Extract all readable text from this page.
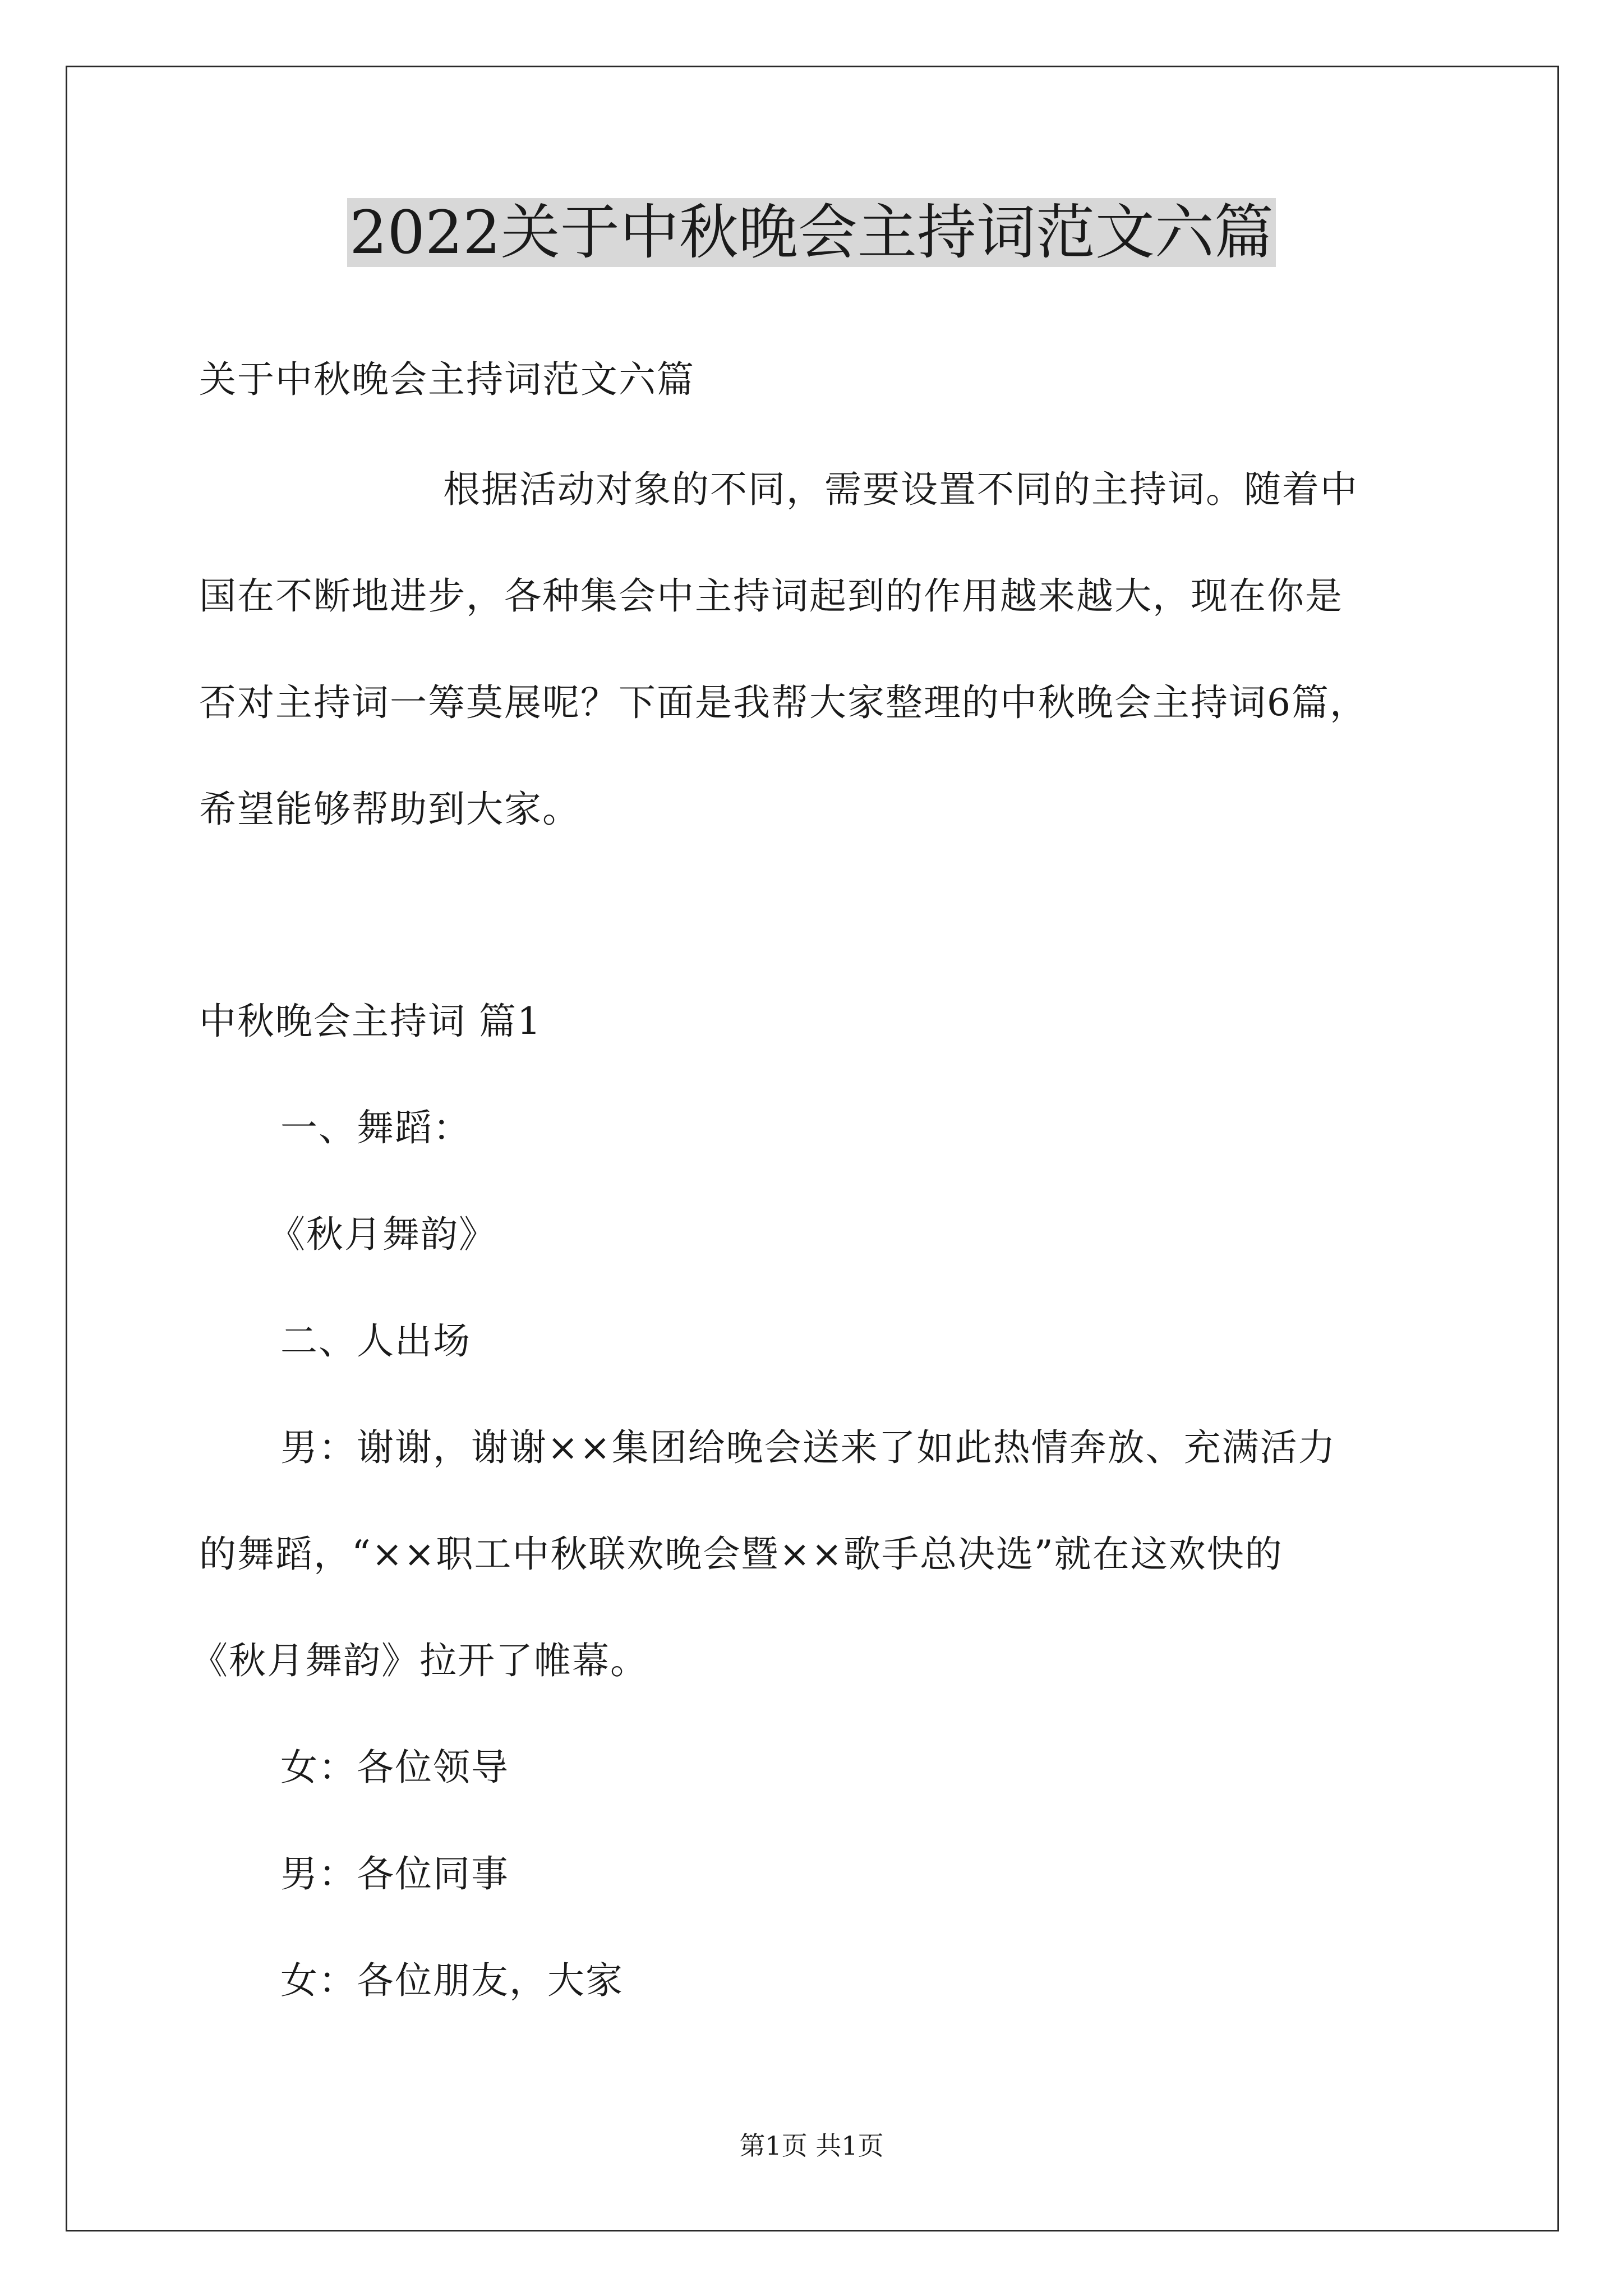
2022关于中秋晚会主持词范文六篇
关于中秋晚会主持词范文六篇
根据活动对象的不同，需要设置不同的主持词。随着中
国在不断地进步，各种集会中主持词起到的作用越来越大，现在你是
否对主持词一筹莫展呢？下面是我帮大家整理的中秋晚会主持词6篇，
希望能够帮助到大家。
中秋晚会主持词 篇1
一、舞蹈：
《秋月舞韵》
二、人出场
男：谢谢，谢谢××集团给晚会送来了如此热情奔放、充满活力
的舞蹈，“××职工中秋联欢晚会暨××歌手总决选”就在这欢快的
《秋月舞韵》拉开了帷幕。
女：各位领导
男：各位同事
女：各位朋友，大家
第1页 共1页
